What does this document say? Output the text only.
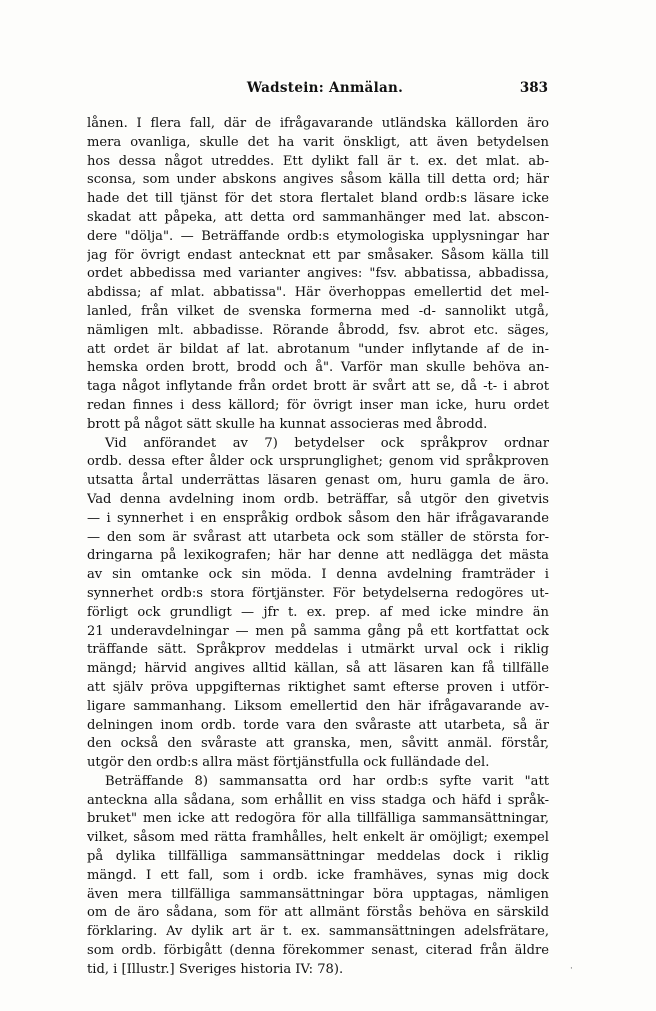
Wadstein: Anmälan.	383
lånen. I flera fall, där de ifrågavarande utländska källorden äro
mera ovanliga, skulle det ha varit önskligt, att även betydelsen
hos dessa något utreddes. Ett dylikt fall är t. ex. det mlat. ab-
sconsa, som under abskons angives såsom källa till detta ord; här
hade det till tjänst för det stora flertalet bland ordb:s läsare icke
skadat att påpeka, att detta ord sammanhänger med lat. abscon-
dere "dölja". — Beträffande ordb:s etymologiska upplysningar har
jag för övrigt endast antecknat ett par småsaker. Såsom källa till
ordet abbedissa med varianter angives: "fsv. abbatissa, abbadissa,
abdissa; af mlat. abbatissa". Här överhoppas emellertid det mel-
lanled, från vilket de svenska formerna med -d- sannolikt utgå,
nämligen mlt. abbadisse. Rörande åbrodd, fsv. abrot etc. säges,
att ordet är bildat af lat. abrotanum "under inflytande af de in-
hemska orden brott, brodd och å". Varför man skulle behöva an-
taga något inflytande från ordet brott är svårt att se, då -t- i abrot
redan finnes i dess källord; för övrigt inser man icke, huru ordet
brott på något sätt skulle ha kunnat associeras med åbrodd.
Vid anförandet av 7) betydelser ock språkprov ordnar
ordb. dessa efter ålder ock ursprunglighet; genom vid språkproven
utsatta årtal underrättas läsaren genast om, huru gamla de äro.
Vad denna avdelning inom ordb. beträffar, så utgör den givetvis
— i synnerhet i en enspråkig ordbok såsom den här ifrågavarande
— den som är svårast att utarbeta ock som ställer de största for-
dringarna på lexikografen; här har denne att nedlägga det mästa
av sin omtanke ock sin möda. I denna avdelning framträder i
synnerhet ordb:s stora förtjänster. För betydelserna redogöres ut-
förligt ock grundligt — jfr t. ex. prep. af med icke mindre än
21 underavdelningar — men på samma gång på ett kortfattat ock
träffande sätt. Språkprov meddelas i utmärkt urval ock i riklig
mängd; härvid angives alltid källan, så att läsaren kan få tillfälle
att själv pröva uppgifternas riktighet samt efterse proven i utför-
ligare sammanhang. Liksom emellertid den här ifrågavarande av-
delningen inom ordb. torde vara den svåraste att utarbeta, så är
den också den svåraste att granska, men, såvitt anmäl. förstår,
utgör den ordb:s allra mäst förtjänstfulla ock fulländade del.
Beträffande 8) sammansatta ord har ordb:s syfte varit "att
anteckna alla sådana, som erhållit en viss stadga och häfd i språk-
bruket" men icke att redogöra för alla tillfälliga sammansättningar,
vilket, såsom med rätta framhålles, helt enkelt är omöjligt; exempel
på dylika tillfälliga sammansättningar meddelas dock i riklig
mängd. I ett fall, som i ordb. icke framhäves, synas mig dock
även mera tillfälliga sammansättningar böra upptagas, nämligen
om de äro sådana, som för att allmänt förstås behöva en särskild
förklaring. Av dylik art är t. ex. sammansättningen adelsfrätare,
som ordb. förbigått (denna förekommer senast, citerad från äldre
tid, i [Illustr.] Sveriges historia IV: 78).	·
